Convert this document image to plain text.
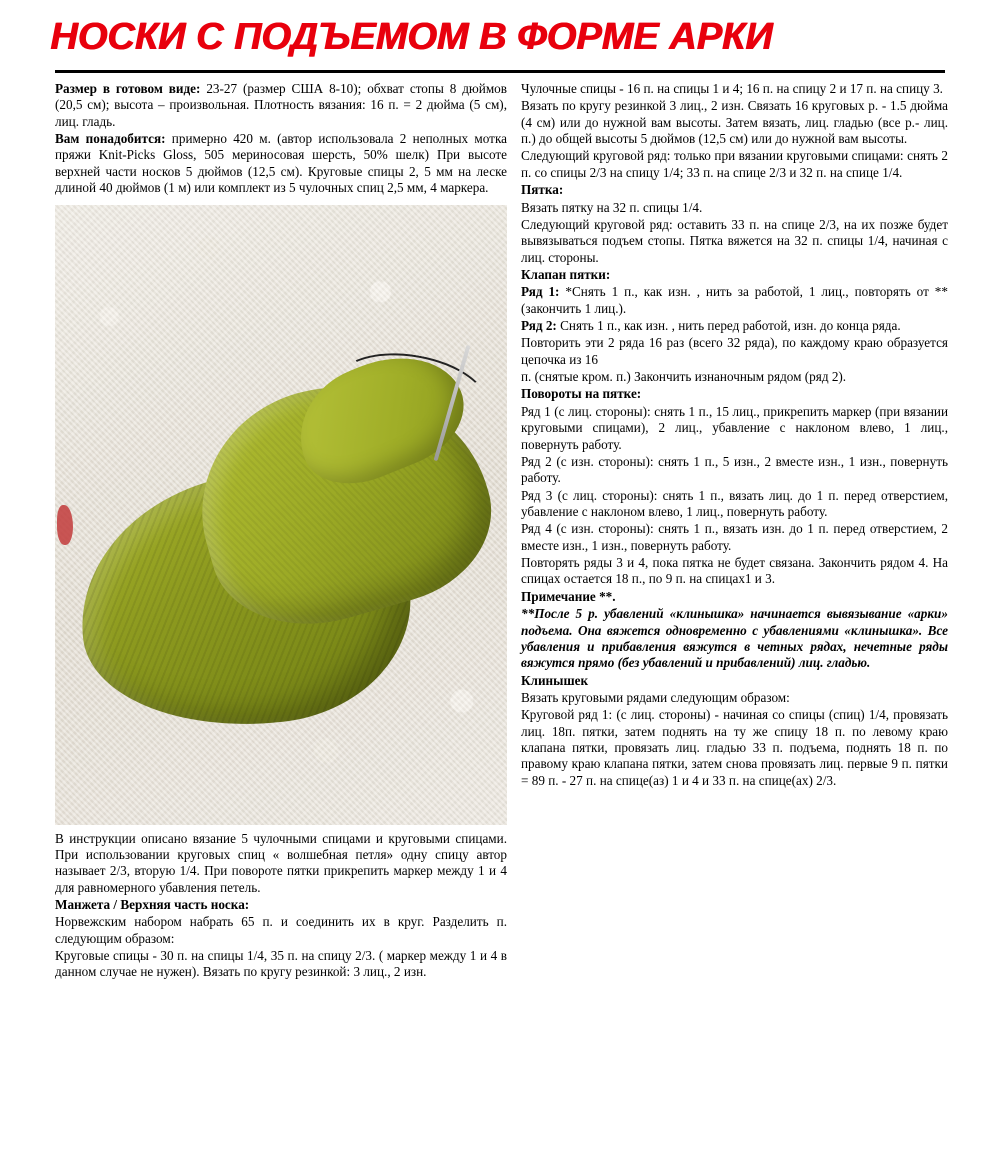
НОСКИ С ПОДЪЕМОМ В ФОРМЕ АРКИ

Размер в готовом виде: 23-27 (размер США 8-10); обхват стопы 8 дюймов (20,5 см); высота – произвольная. Плотность вязания: 16 п. = 2 дюйма (5 см), лиц. гладь.

Вам понадобится: примерно 420 м. (автор использовала 2 неполных мотка пряжи Knit-Picks Gloss, 505 мериносовая шерсть, 50% шелк) При высоте верхней части носков 5 дюймов (12,5 см). Круговые спицы 2, 5 мм на леске длиной 40 дюймов (1 м) или комплект из 5 чулочных спиц 2,5 мм, 4 маркера.

В инструкции описано вязание 5 чулочными спицами и круговыми спицами. При использовании круговых спиц « волшебная петля» одну спицу автор называет 2/3, вторую 1/4. При повороте пятки прикрепить маркер между 1 и 4 для равномерного убавления петель.

Манжета / Верхняя часть носка:

Норвежским набором набрать 65 п. и соединить их в круг. Разделить п. следующим образом:

Круговые спицы - 30 п. на спицы 1/4, 35 п. на спицу 2/3. ( маркер между 1 и 4 в данном случае не нужен). Вязать по кругу резинкой: 3 лиц., 2 изн.

Чулочные спицы - 16 п. на спицы 1 и 4; 16 п. на спицу 2 и 17 п. на спицу 3.

Вязать по кругу резинкой 3 лиц., 2 изн. Связать 16 круговых р. - 1.5 дюйма (4 см) или до нужной вам высоты. Затем вязать, лиц. гладью (все р.- лиц. п.) до общей высоты 5 дюймов (12,5 см) или до нужной вам высоты.

Следующий круговой ряд: только при вязании круговыми спицами: снять 2 п. со спицы 2/3 на спицу 1/4; 33 п. на спице 2/3 и 32 п. на спице 1/4.

Пятка:

Вязать пятку на 32 п. спицы 1/4.

Следующий круговой ряд: оставить 33 п. на спице 2/3, на их позже будет вывязываться подъем стопы. Пятка вяжется на 32 п. спицы 1/4, начиная с лиц. стороны.

Клапан пятки:

Ряд 1: *Снять 1 п., как изн. , нить за работой, 1 лиц., повторять от ** (закончить 1 лиц.).

Ряд 2: Снять 1 п., как изн. , нить перед работой, изн. до конца ряда.

Повторить эти 2 ряда 16 раз (всего 32 ряда), по каждому краю образуется цепочка из 16

п. (снятые кром. п.) Закончить изнаночным рядом (ряд 2).

Повороты на пятке:

Ряд 1 (с лиц. стороны): снять 1 п., 15 лиц., прикрепить маркер (при вязании круговыми спицами), 2 лиц., убавление с наклоном влево, 1 лиц., повернуть работу.

Ряд 2 (с изн. стороны): снять 1 п., 5 изн., 2 вместе изн., 1 изн., повернуть работу.

Ряд 3 (с лиц. стороны): снять 1 п., вязать лиц. до 1 п. перед отверстием, убавление с наклоном влево, 1 лиц., повернуть работу.

Ряд 4 (с изн. стороны): снять 1 п., вязать изн. до 1 п. перед отверстием, 2 вместе изн., 1 изн., повернуть работу.

Повторять ряды 3 и 4, пока пятка не будет связана. Закончить рядом 4. На спицах остается 18 п., по 9 п. на спицах1 и 3.

Примечание **.

**После 5 р. убавлений «клинышка» начинается вывязывание «арки» подъема. Она вяжется одновременно с убавлениями «клинышка». Все убавления и прибавления вяжутся в четных рядах, нечетные ряды вяжутся прямо (без убавлений и прибавлений) лиц. гладью.

Клинышек

Вязать круговыми рядами следующим образом:

Круговой ряд 1: (с лиц. стороны) - начиная со спицы (спиц) 1/4, провязать лиц. 18п. пятки, затем поднять на ту же спицу 18 п. по левому краю клапана пятки, провязать лиц. гладью 33 п. подъема, поднять 18 п. по правому краю клапана пятки, затем снова провязать лиц. первые 9 п. пятки = 89 п. - 27 п. на спице(аз) 1 и 4 и 33 п. на спице(ах) 2/3.
